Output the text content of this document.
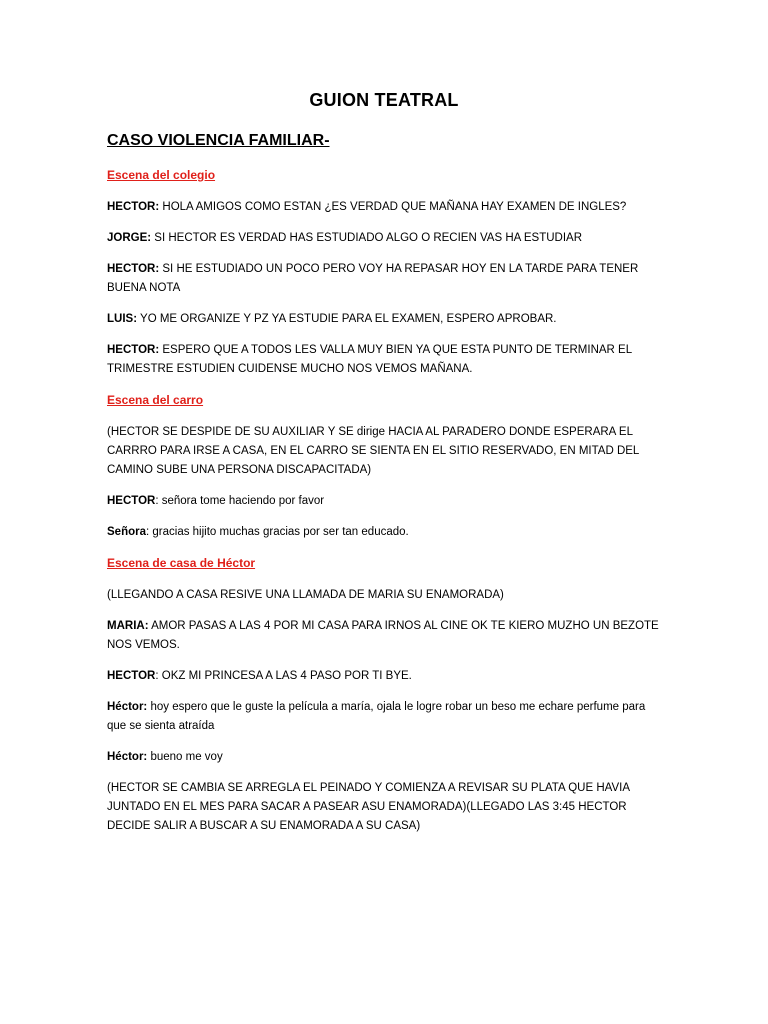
GUION TEATRAL
CASO VIOLENCIA FAMILIAR-

Escena del colegio

HECTOR: HOLA AMIGOS COMO ESTAN ¿ES VERDAD QUE MAÑANA HAY EXAMEN DE INGLES?

JORGE: SI HECTOR ES VERDAD HAS ESTUDIADO ALGO O RECIEN VAS HA ESTUDIAR

HECTOR: SI HE ESTUDIADO UN POCO PERO VOY HA REPASAR HOY EN LA TARDE PARA TENER BUENA NOTA

LUIS: YO ME ORGANIZE Y PZ YA ESTUDIE PARA EL EXAMEN, ESPERO APROBAR.

HECTOR: ESPERO QUE A TODOS LES VALLA MUY BIEN YA QUE ESTA PUNTO DE TERMINAR EL TRIMESTRE ESTUDIEN CUIDENSE MUCHO NOS VEMOS MAÑANA.

Escena del carro

(HECTOR SE DESPIDE DE SU AUXILIAR Y SE dirige HACIA AL PARADERO DONDE ESPERARA EL CARRRO PARA IRSE A CASA, EN EL CARRO SE SIENTA EN EL SITIO RESERVADO, EN MITAD DEL CAMINO SUBE UNA PERSONA DISCAPACITADA)

HECTOR: señora tome haciendo por favor

Señora: gracias hijito muchas gracias por ser tan educado.

Escena de casa de Héctor

(LLEGANDO A CASA RESIVE UNA LLAMADA DE MARIA SU ENAMORADA)

MARIA: AMOR PASAS A LAS 4 POR MI CASA PARA IRNOS AL CINE OK TE KIERO MUZHO UN BEZOTE NOS VEMOS.

HECTOR: OKZ MI PRINCESA A LAS 4 PASO POR TI BYE.

Héctor: hoy espero que le guste la película a maría, ojala le logre robar un beso me echare perfume para que se sienta atraída

Héctor: bueno me voy

(HECTOR SE CAMBIA SE ARREGLA EL PEINADO Y COMIENZA A REVISAR SU PLATA QUE HAVIA JUNTADO EN EL MES PARA SACAR A PASEAR ASU ENAMORADA)(LLEGADO LAS 3:45 HECTOR DECIDE SALIR A BUSCAR A SU ENAMORADA A SU CASA)
